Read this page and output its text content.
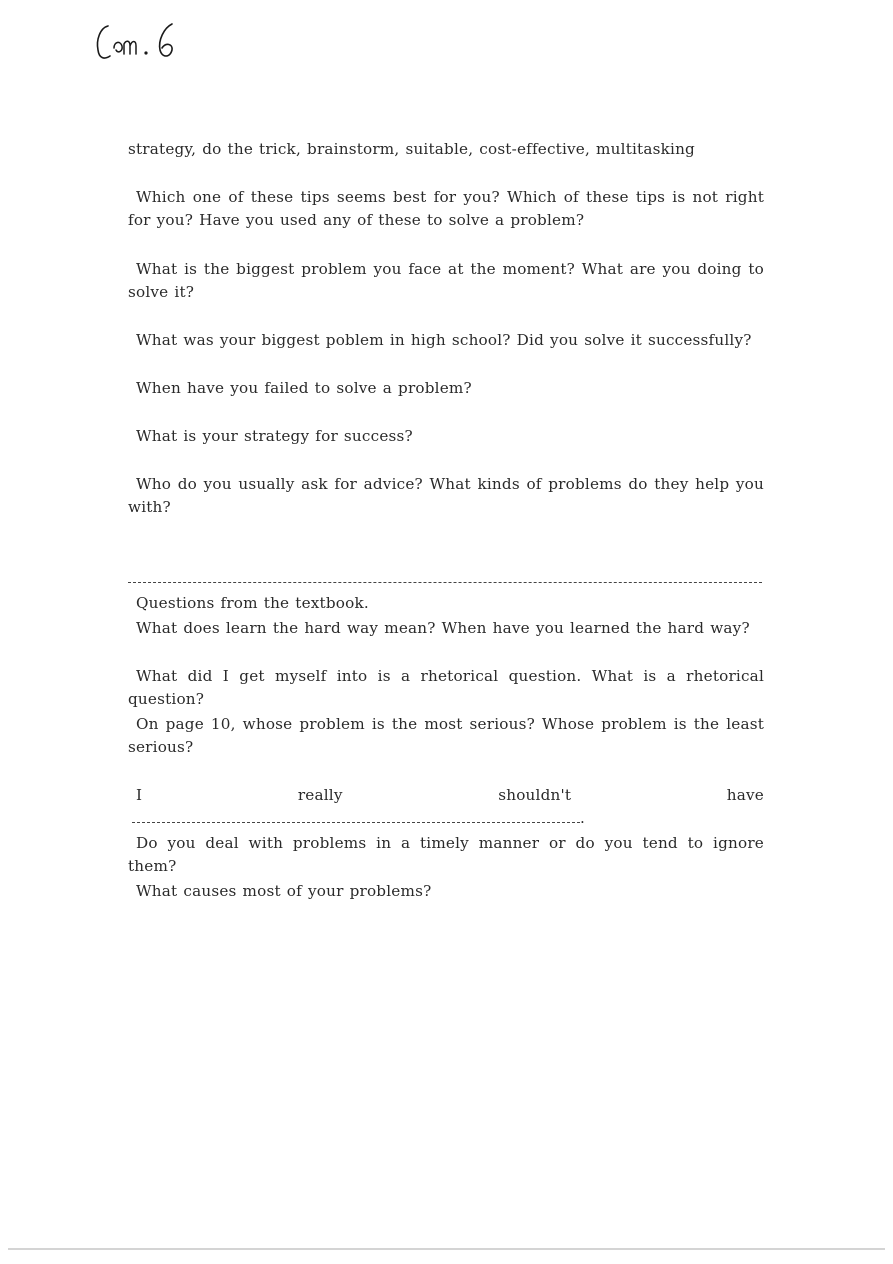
strategy, do the trick, brainstorm, suitable, cost-effective, multitasking
Which one of these tips seems best for you? Which of these tips is not right for you? Have you used any of these to solve a problem?
What is the biggest problem you face at the moment? What are you doing to solve it?
What was your biggest poblem in high school? Did you solve it successfully?
When have you failed to solve a problem?
What is your strategy for success?
Who do you usually ask for advice? What kinds of problems do they help you with?
Questions from the textbook.
What does learn the hard way mean? When have you learned the hard way?
What did I get myself into is a rhetorical question. What is a rhetorical question?
On page 10, whose problem is the most serious? Whose problem is the least serious?
I really shouldn't have.
Do you deal with problems in a timely manner or do you tend to ignore them?
What causes most of your problems?
